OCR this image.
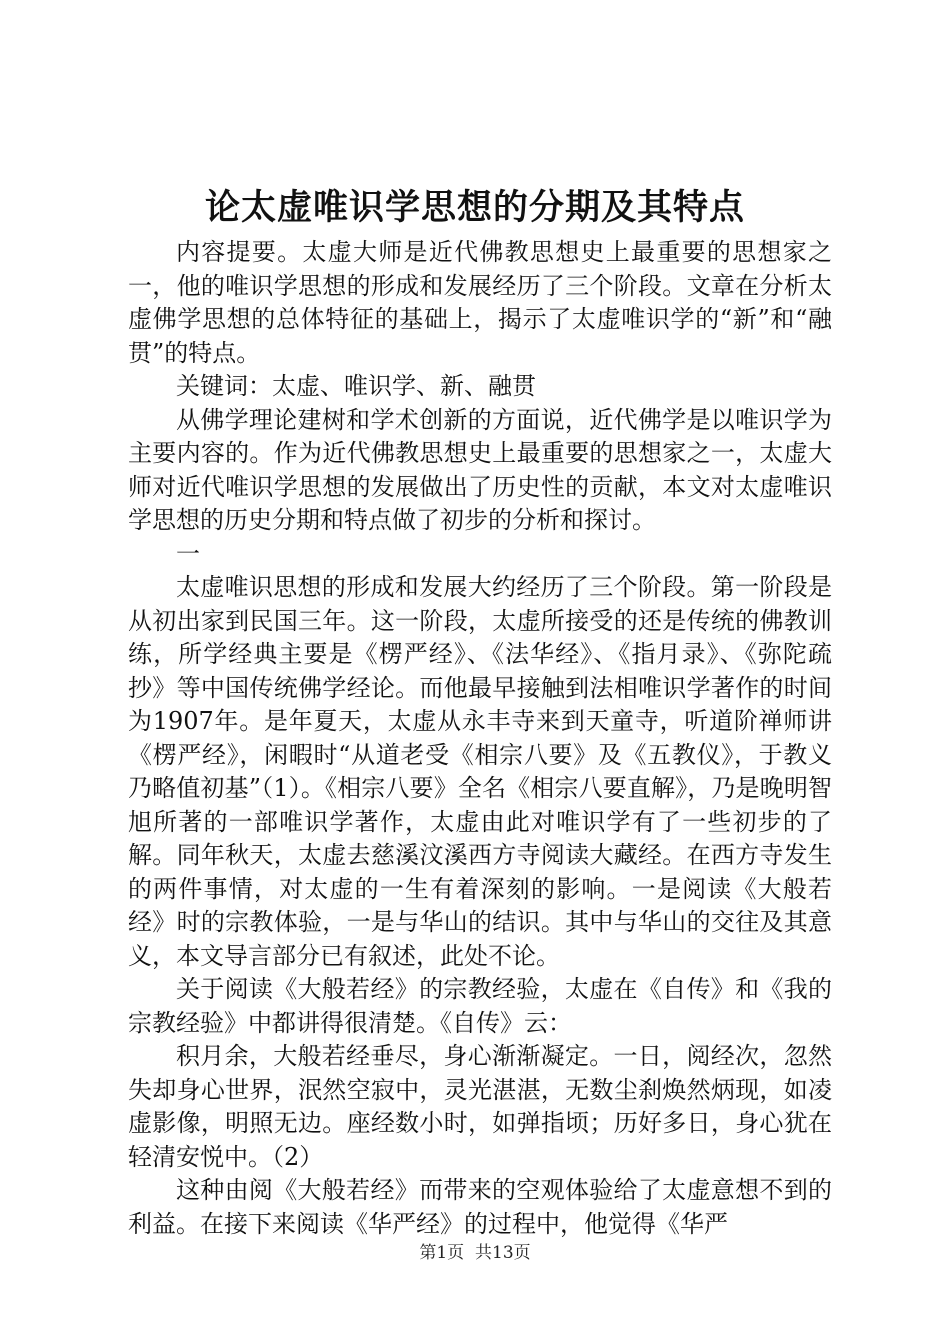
论太虚唯识学思想的分期及其特点

内容提要。太虚大师是近代佛教思想史上最重要的思想家之一，他的唯识学思想的形成和发展经历了三个阶段。文章在分析太虚佛学思想的总体特征的基础上，揭示了太虚唯识学的“新”和“融贯”的特点。

关键词：太虚、唯识学、新、融贯

从佛学理论建树和学术创新的方面说，近代佛学是以唯识学为主要内容的。作为近代佛教思想史上最重要的思想家之一，太虚大师对近代唯识学思想的发展做出了历史性的贡献，本文对太虚唯识学思想的历史分期和特点做了初步的分析和探讨。

一

太虚唯识思想的形成和发展大约经历了三个阶段。第一阶段是从初出家到民国三年。这一阶段，太虚所接受的还是传统的佛教训练，所学经典主要是《楞严经》、《法华经》、《指月录》、《弥陀疏抄》等中国传统佛学经论。而他最早接触到法相唯识学著作的时间为1907年。是年夏天，太虚从永丰寺来到天童寺，听道阶禅师讲《楞严经》，闲暇时“从道老受《相宗八要》及《五教仪》，于教义乃略值初基”（1）。《相宗八要》全名《相宗八要直解》，乃是晚明智旭所著的一部唯识学著作，太虚由此对唯识学有了一些初步的了解。同年秋天，太虚去慈溪汶溪西方寺阅读大藏经。在西方寺发生的两件事情，对太虚的一生有着深刻的影响。一是阅读《大般若经》时的宗教体验，一是与华山的结识。其中与华山的交往及其意义，本文导言部分已有叙述，此处不论。

关于阅读《大般若经》的宗教经验，太虚在《自传》和《我的宗教经验》中都讲得很清楚。《自传》云：

积月余，大般若经垂尽，身心渐渐凝定。一日，阅经次，忽然失却身心世界，泯然空寂中，灵光湛湛，无数尘刹焕然炳现，如凌虚影像，明照无边。座经数小时，如弹指顷；历好多日，身心犹在轻清安悦中。（2）

这种由阅《大般若经》而带来的空观体验给了太虚意想不到的利益。在接下来阅读《华严经》的过程中，他觉得《华严

第1页 共13页
